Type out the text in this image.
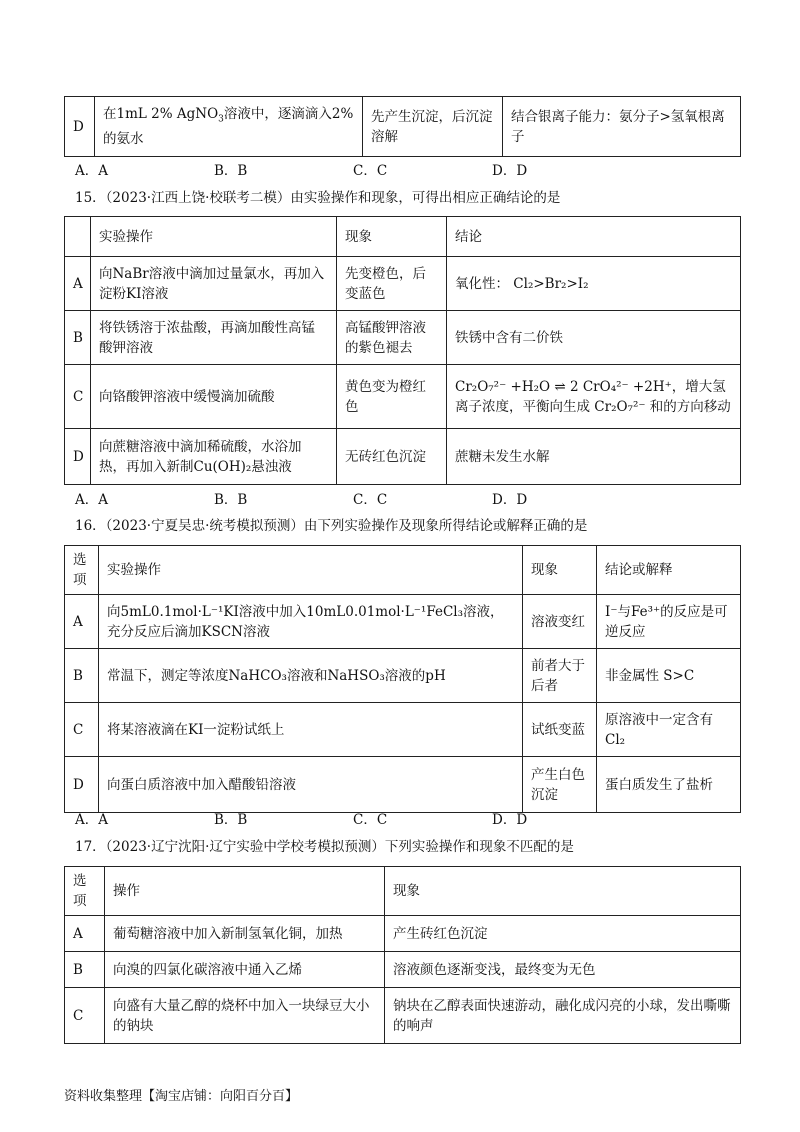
D	在1mL 2% AgNO$_3$溶液中，逐滴滴入2%的氨水	先产生沉淀，后沉淀溶解	结合银离子能力：氨分子>氢氧根离子
A．A	B．B	C．C	D．D
15．（2023·江西上饶·校联考二模）由实验操作和现象，可得出相应正确结论的是
	实验操作	现象	结论
A	向NaBr溶液中滴加过量氯水，再加入淀粉KI溶液	先变橙色，后变蓝色	氧化性： Cl₂>Br₂>I₂
B	将铁锈溶于浓盐酸，再滴加酸性高锰酸钾溶液	高锰酸钾溶液的紫色褪去	铁锈中含有二价铁
C	向铬酸钾溶液中缓慢滴加硫酸	黄色变为橙红色	Cr₂O₇²⁻ +H₂O ⇌ 2 CrO₄²⁻ +2H⁺，增大氢离子浓度，平衡向生成 Cr₂O₇²⁻ 和的方向移动
D	向蔗糖溶液中滴加稀硫酸，水浴加热，再加入新制Cu(OH)₂悬浊液	无砖红色沉淀	蔗糖未发生水解
A．A	B．B	C．C	D．D
16．（2023·宁夏吴忠·统考模拟预测）由下列实验操作及现象所得结论或解释正确的是
选项	实验操作	现象	结论或解释
A	向5mL0.1mol·L⁻¹KI溶液中加入10mL0.01mol·L⁻¹FeCl₃溶液，充分反应后滴加KSCN溶液	溶液变红	I⁻与Fe³⁺的反应是可逆反应
B	常温下，测定等浓度NaHCO₃溶液和NaHSO₃溶液的pH	前者大于后者	非金属性 S>C
C	将某溶液滴在KI一淀粉试纸上	试纸变蓝	原溶液中一定含有Cl₂
D	向蛋白质溶液中加入醋酸铅溶液	产生白色沉淀	蛋白质发生了盐析
A．A	B．B	C．C	D．D
17．（2023·辽宁沈阳·辽宁实验中学校考模拟预测）下列实验操作和现象不匹配的是
选项	操作	现象
A	葡萄糖溶液中加入新制氢氧化铜，加热	产生砖红色沉淀
B	向溴的四氯化碳溶液中通入乙烯	溶液颜色逐渐变浅，最终变为无色
C	向盛有大量乙醇的烧杯中加入一块绿豆大小的钠块	钠块在乙醇表面快速游动，融化成闪亮的小球，发出嘶嘶的响声
资料收集整理【淘宝店铺：向阳百分百】
